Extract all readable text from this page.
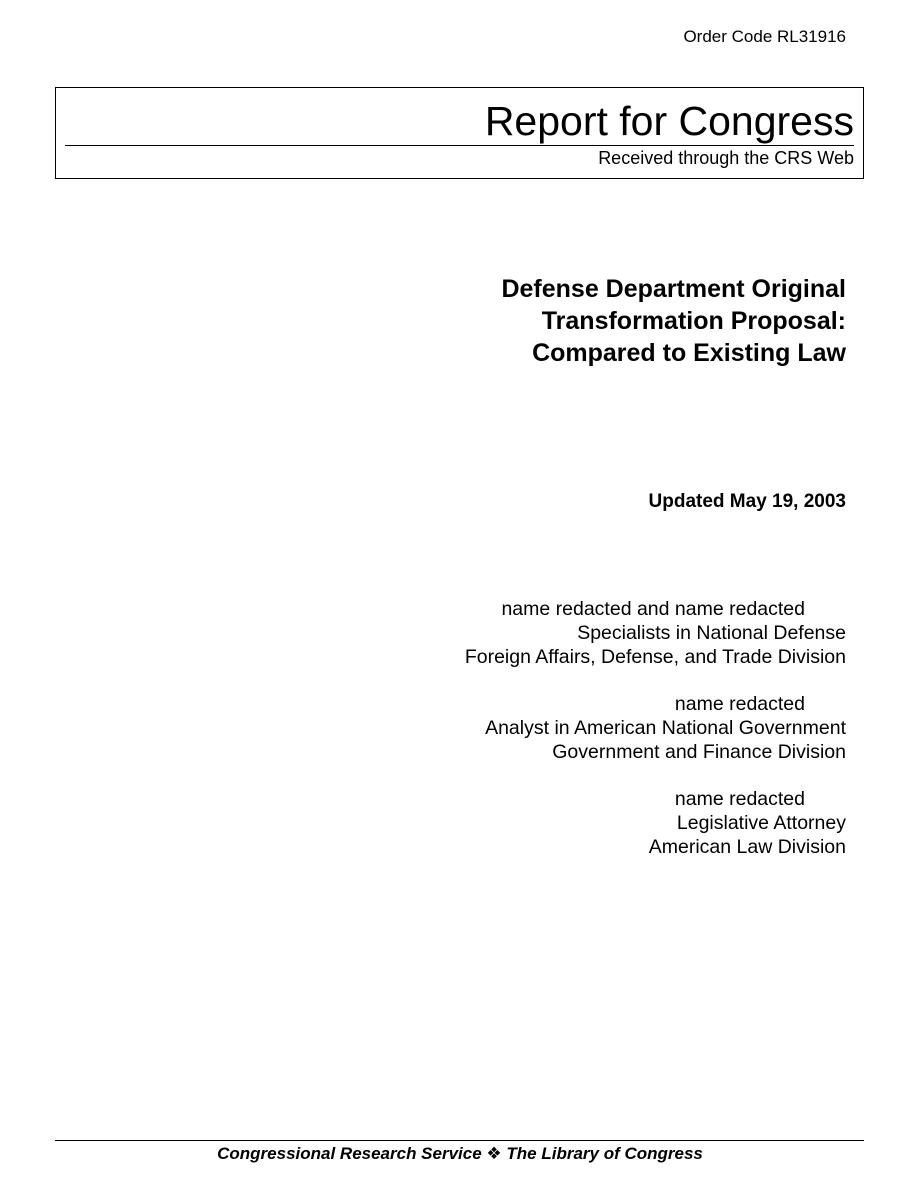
Order Code RL31916
Report for Congress
Received through the CRS Web
Defense Department Original
Transformation Proposal:
Compared to Existing Law
Updated May 19, 2003
name redacted and name redacted
Specialists in National Defense
Foreign Affairs, Defense, and Trade Division
name redacted
Analyst in American National Government
Government and Finance Division
name redacted
Legislative Attorney
American Law Division
Congressional Research Service ❖ The Library of Congress
